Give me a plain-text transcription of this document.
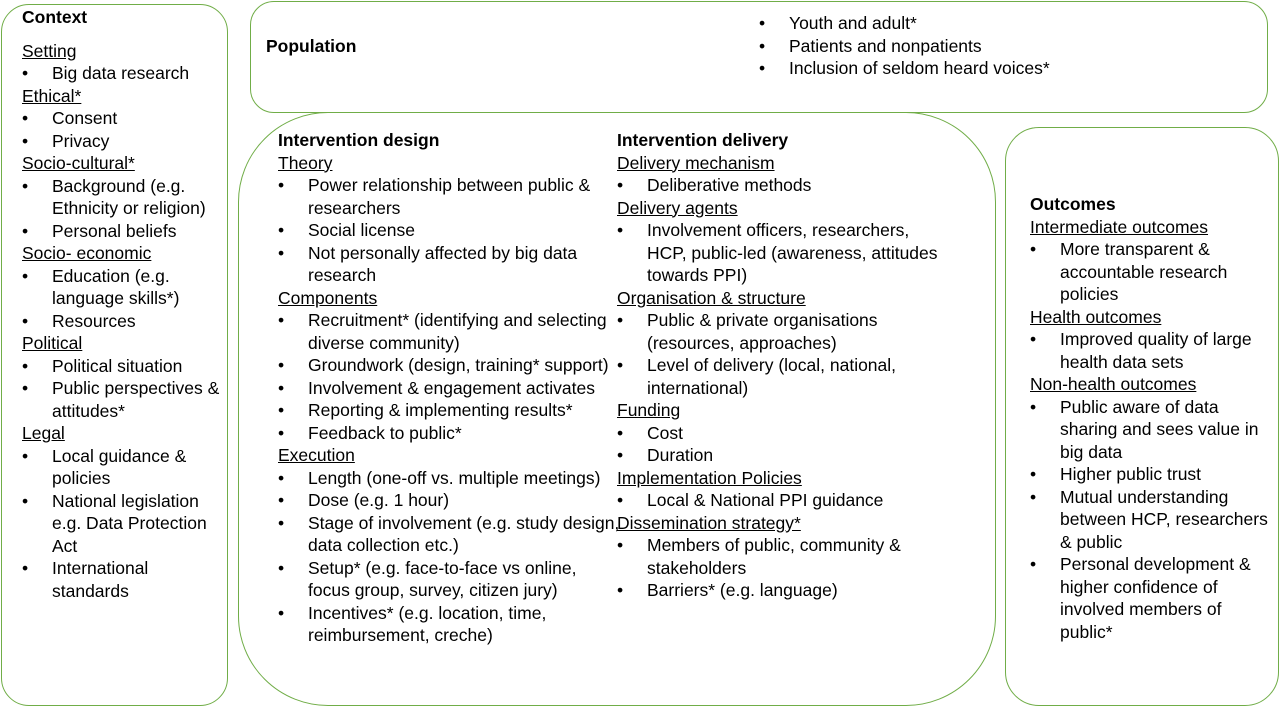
Context
Setting
• Big data research
Ethical*
• Consent
• Privacy
Socio-cultural*
• Background (e.g. Ethnicity or religion)
• Personal beliefs
Socio- economic
• Education (e.g. language skills*)
• Resources
Political
• Political situation
• Public perspectives & attitudes*
Legal
• Local guidance & policies
• National legislation e.g. Data Protection Act
• International standards
Population
• Youth and adult*
• Patients and nonpatients
• Inclusion of seldom heard voices*
Intervention design
Theory
• Power relationship between public & researchers
• Social license
• Not personally affected by big data research
Components
• Recruitment* (identifying and selecting diverse community)
• Groundwork (design, training* support)
• Involvement & engagement activates
• Reporting & implementing results*
• Feedback to public*
Execution
• Length (one-off vs. multiple meetings)
• Dose (e.g. 1 hour)
• Stage of involvement (e.g. study design, data collection etc.)
• Setup* (e.g. face-to-face vs online, focus group, survey, citizen jury)
• Incentives* (e.g. location, time, reimbursement, creche)
Intervention delivery
Delivery mechanism
• Deliberative methods
Delivery agents
• Involvement officers, researchers, HCP, public-led (awareness, attitudes towards PPI)
Organisation & structure
• Public & private organisations (resources, approaches)
• Level of delivery (local, national, international)
Funding
• Cost
• Duration
Implementation Policies
• Local & National PPI guidance
Dissemination strategy*
• Members of public, community & stakeholders
• Barriers* (e.g. language)
Outcomes
Intermediate outcomes
• More transparent & accountable research policies
Health outcomes
• Improved quality of large health data sets
Non-health outcomes
• Public aware of data sharing and sees value in big data
• Higher public trust
• Mutual understanding between HCP, researchers & public
• Personal development & higher confidence of involved members of public*
